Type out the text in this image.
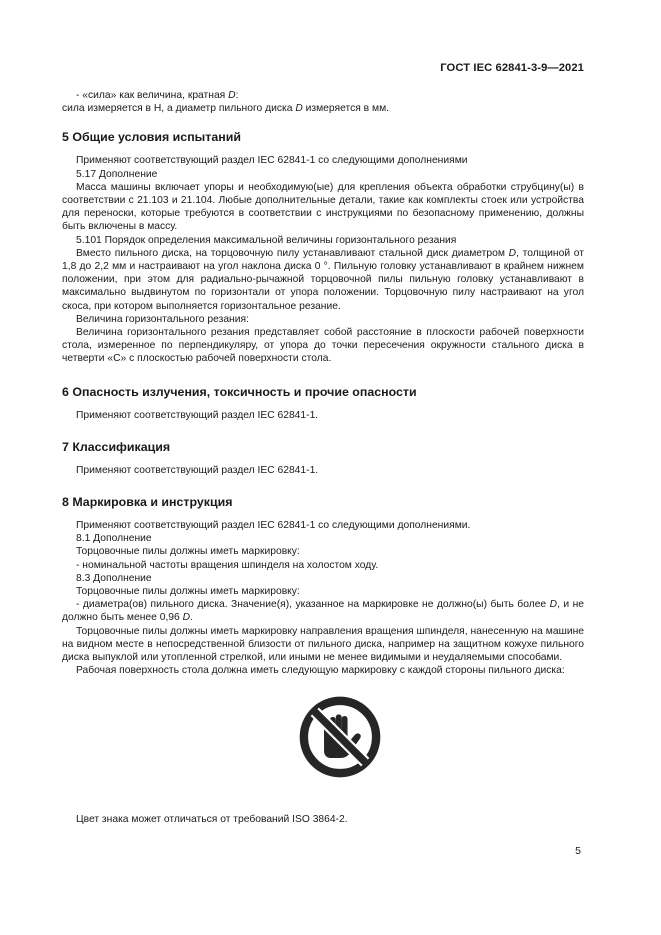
ГОСТ IEC 62841-3-9—2021

- «сила» как величина, кратная D:

сила измеряется в Н, а диаметр пильного диска D измеряется в мм.

5 Общие условия испытаний

Применяют соответствующий раздел IEC 62841-1 со следующими дополнениями

5.17 Дополнение

Масса машины включает упоры и необходимую(ые) для крепления объекта обработки струбцину(ы) в соответствии с 21.103 и 21.104. Любые дополнительные детали, такие как комплекты стоек или устройства для переноски, которые требуются в соответствии с инструкциями по безопасному применению, должны быть включены в массу.

5.101 Порядок определения максимальной величины горизонтального резания

Вместо пильного диска, на торцовочную пилу устанавливают стальной диск диаметром D, толщиной от 1,8 до 2,2 мм и настраивают на угол наклона диска 0 °. Пильную головку устанавливают в крайнем нижнем положении, при этом для радиально-рычажной торцовочной пилы пильную головку устанавливают в максимально выдвинутом по горизонтали от упора положении. Торцовочную пилу настраивают на угол скоса, при котором выполняется горизонтальное резание.

Величина горизонтального резания:

Величина горизонтального резания представляет собой расстояние в плоскости рабочей поверхности стола, измеренное по перпендикуляру, от упора до точки пересечения окружности стального диска в четверти «С» с плоскостью рабочей поверхности стола.

6 Опасность излучения, токсичность и прочие опасности

Применяют соответствующий раздел IEC 62841-1.

7 Классификация

Применяют соответствующий раздел IEC 62841-1.

8 Маркировка и инструкция

Применяют соответствующий раздел IEC 62841-1 со следующими дополнениями.

8.1 Дополнение

Торцовочные пилы должны иметь маркировку:

- номинальной частоты вращения шпинделя на холостом ходу.

8.3 Дополнение

Торцовочные пилы должны иметь маркировку:

- диаметра(ов) пильного диска. Значение(я), указанное на маркировке не должно(ы) быть более D, и не должно быть менее 0,96 D.

Торцовочные пилы должны иметь маркировку направления вращения шпинделя, нанесенную на машине на видном месте в непосредственной близости от пильного диска, например на защитном кожухе пильного диска выпуклой или утопленной стрелкой, или иными не менее видимыми и неудаляемыми способами.

Рабочая поверхность стола должна иметь следующую маркировку с каждой стороны пильного диска:

Цвет знака может отличаться от требований ISO 3864-2.

5
